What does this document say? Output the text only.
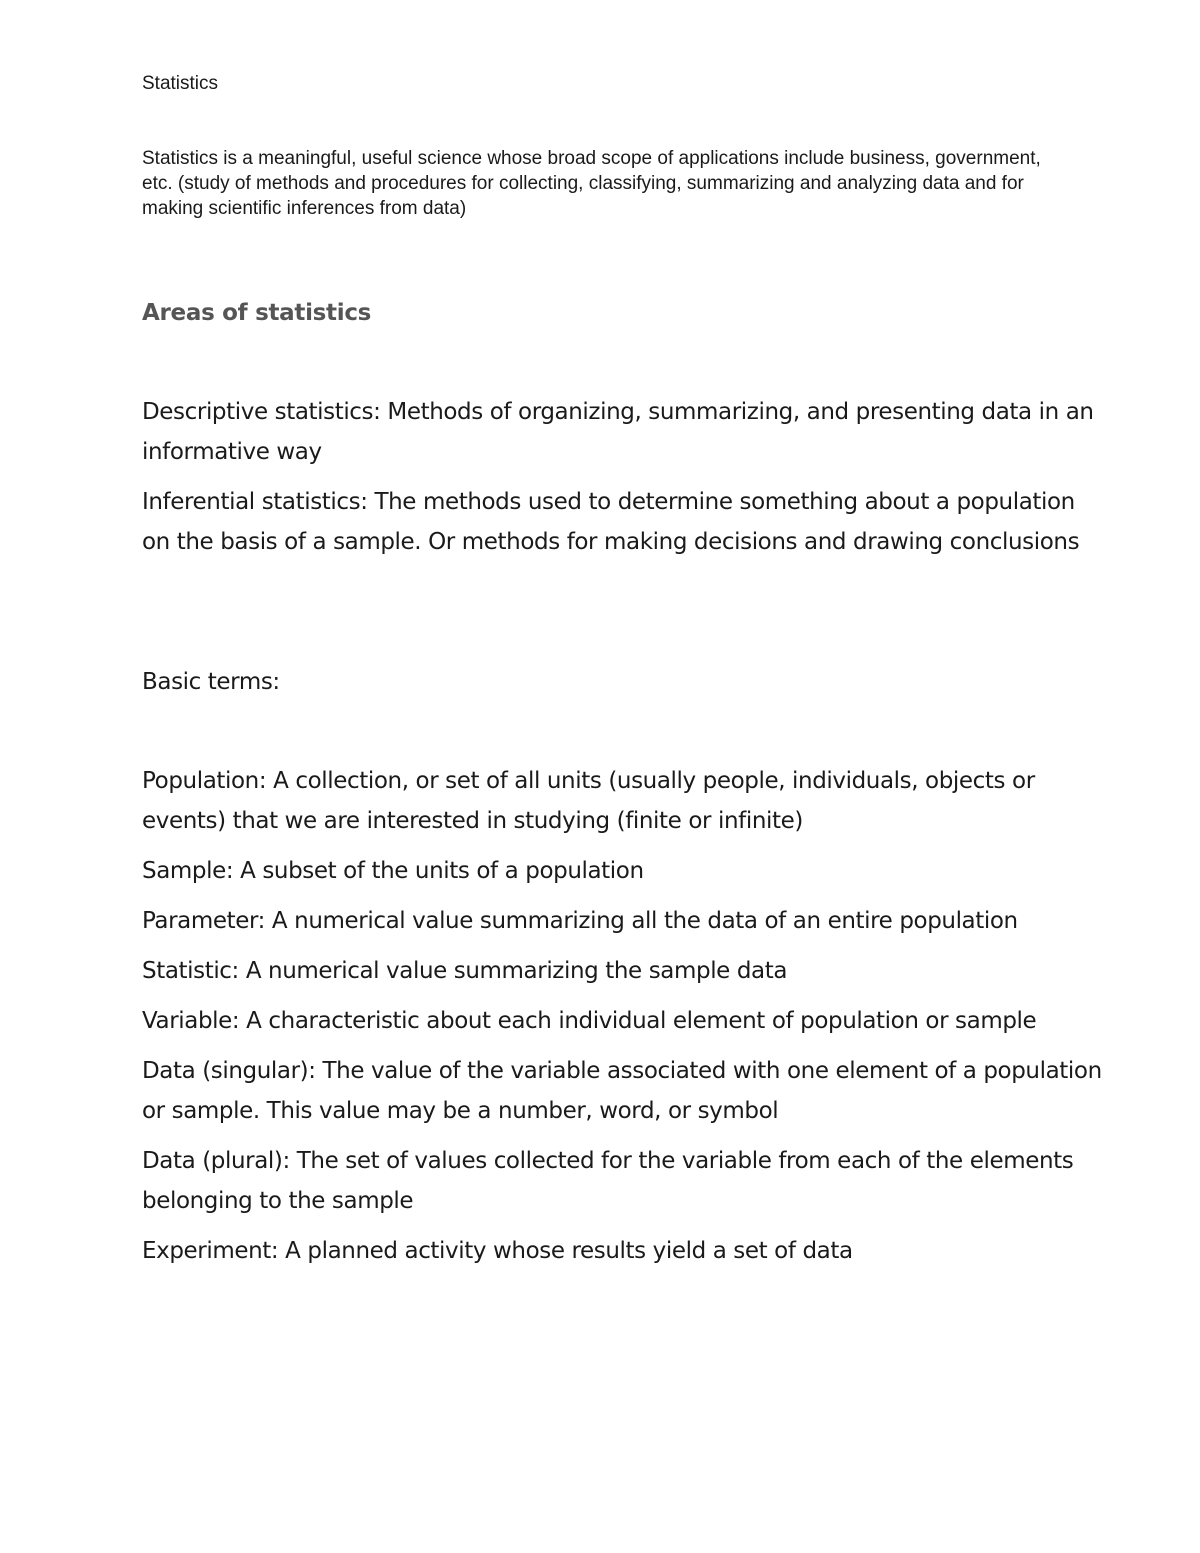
Statistics

Statistics is a meaningful, useful science whose broad scope of applications include business, government, etc. (study of methods and procedures for collecting, classifying, summarizing and analyzing data and for making scientific inferences from data)

Areas of statistics

Descriptive statistics: Methods of organizing, summarizing, and presenting data in an informative way

Inferential statistics: The methods used to determine something about a population on the basis of a sample. Or methods for making decisions and drawing conclusions

Basic terms:

Population: A collection, or set of all units (usually people, individuals, objects or events) that we are interested in studying (finite or infinite)

Sample: A subset of the units of a population

Parameter: A numerical value summarizing all the data of an entire population

Statistic: A numerical value summarizing the sample data

Variable: A characteristic about each individual element of population or sample

Data (singular): The value of the variable associated with one element of a population or sample. This value may be a number, word, or symbol

Data (plural): The set of values collected for the variable from each of the elements belonging to the sample

Experiment: A planned activity whose results yield a set of data
